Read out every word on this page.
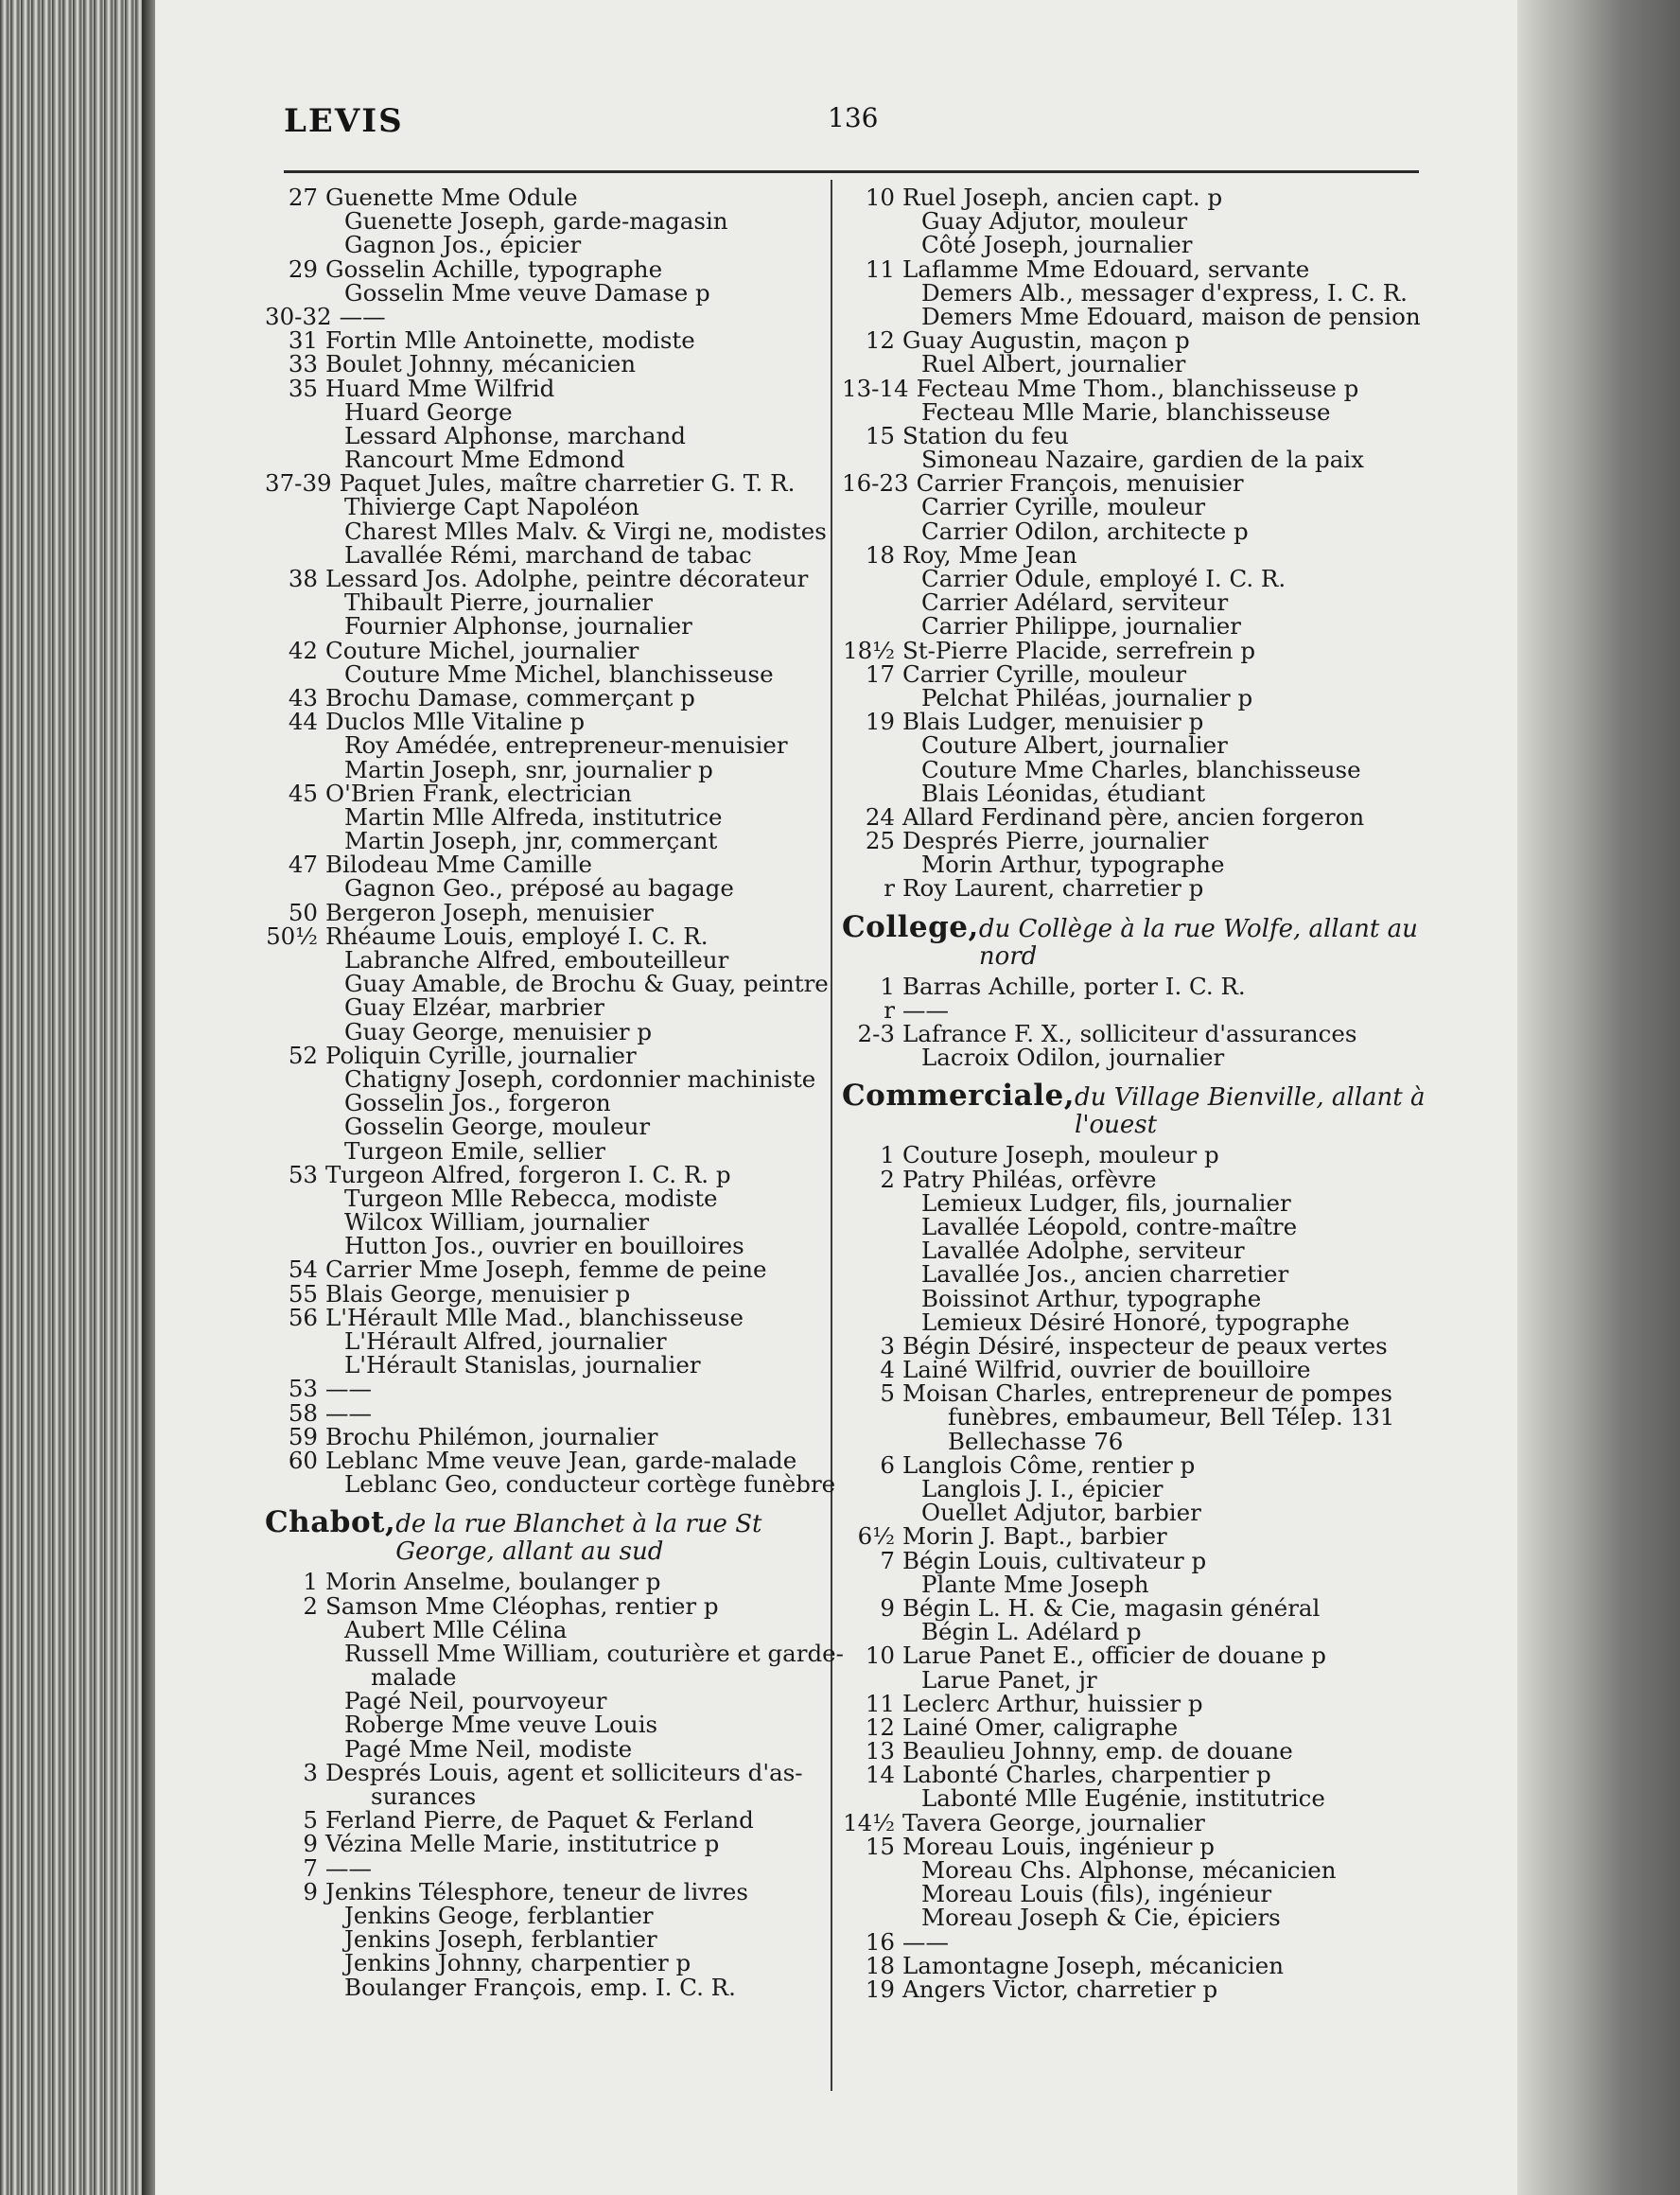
LEVIS	136
27 Guenette Mme Odule
Guenette Joseph, garde-magasin
Gagnon Jos., épicier
29 Gosselin Achille, typographe
Gosselin Mme veuve Damase p
30-32 ——
31 Fortin Mlle Antoinette, modiste
33 Boulet Johnny, mécanicien
35 Huard Mme Wilfrid
Huard George
Lessard Alphonse, marchand
Rancourt Mme Edmond
37-39 Paquet Jules, maître charretier G. T. R.
Thivierge Capt Napoléon
Charest Mlles Malv. & Virgi ne, modistes
Lavallée Rémi, marchand de tabac
38 Lessard Jos. Adolphe, peintre décorateur
Thibault Pierre, journalier
Fournier Alphonse, journalier
42 Couture Michel, journalier
Couture Mme Michel, blanchisseuse
43 Brochu Damase, commerçant p
44 Duclos Mlle Vitaline p
Roy Amédée, entrepreneur-menuisier
Martin Joseph, snr, journalier p
45 O'Brien Frank, electrician
Martin Mlle Alfreda, institutrice
Martin Joseph, jnr, commerçant
47 Bilodeau Mme Camille
Gagnon Geo., préposé au bagage
50 Bergeron Joseph, menuisier
50½ Rhéaume Louis, employé I. C. R.
Labranche Alfred, embouteilleur
Guay Amable, de Brochu & Guay, peintre
Guay Elzéar, marbrier
Guay George, menuisier p
52 Poliquin Cyrille, journalier
Chatigny Joseph, cordonnier machiniste
Gosselin Jos., forgeron
Gosselin George, mouleur
Turgeon Emile, sellier
53 Turgeon Alfred, forgeron I. C. R. p
Turgeon Mlle Rebecca, modiste
Wilcox William, journalier
Hutton Jos., ouvrier en bouilloires
54 Carrier Mme Joseph, femme de peine
55 Blais George, menuisier p
56 L'Hérault Mlle Mad., blanchisseuse
L'Hérault Alfred, journalier
L'Hérault Stanislas, journalier
53 ——
58 ——
59 Brochu Philémon, journalier
60 Leblanc Mme veuve Jean, garde-malade
Leblanc Geo, conducteur cortège funèbre
Chabot, de la rue Blanchet à la rue St George, allant au sud
1 Morin Anselme, boulanger p
2 Samson Mme Cléophas, rentier p
Aubert Mlle Célina
Russell Mme William, couturière et garde-
malade
Pagé Neil, pourvoyeur
Roberge Mme veuve Louis
Pagé Mme Neil, modiste
3 Després Louis, agent et solliciteurs d'as-
surances
5 Ferland Pierre, de Paquet & Ferland
9 Vézina Melle Marie, institutrice p
7 ——
9 Jenkins Télesphore, teneur de livres
Jenkins Geoge, ferblantier
Jenkins Joseph, ferblantier
Jenkins Johnny, charpentier p
Boulanger François, emp. I. C. R.
10 Ruel Joseph, ancien capt. p
Guay Adjutor, mouleur
Côté Joseph, journalier
11 Laflamme Mme Edouard, servante
Demers Alb., messager d'express, I. C. R.
Demers Mme Edouard, maison de pension
12 Guay Augustin, maçon p
Ruel Albert, journalier
13-14 Fecteau Mme Thom., blanchisseuse p
Fecteau Mlle Marie, blanchisseuse
15 Station du feu
Simoneau Nazaire, gardien de la paix
16-23 Carrier François, menuisier
Carrier Cyrille, mouleur
Carrier Odilon, architecte p
18 Roy, Mme Jean
Carrier Odule, employé I. C. R.
Carrier Adélard, serviteur
Carrier Philippe, journalier
18½ St-Pierre Placide, serrefrein p
17 Carrier Cyrille, mouleur
Pelchat Philéas, journalier p
19 Blais Ludger, menuisier p
Couture Albert, journalier
Couture Mme Charles, blanchisseuse
Blais Léonidas, étudiant
24 Allard Ferdinand père, ancien forgeron
25 Després Pierre, journalier
Morin Arthur, typographe
r Roy Laurent, charretier p
College, du Collège à la rue Wolfe, allant au nord
1 Barras Achille, porter I. C. R.
r ——
2-3 Lafrance F. X., solliciteur d'assurances
Lacroix Odilon, journalier
Commerciale, du Village Bienville, allant à l'ouest
1 Couture Joseph, mouleur p
2 Patry Philéas, orfèvre
Lemieux Ludger, fils, journalier
Lavallée Léopold, contre-maître
Lavallée Adolphe, serviteur
Lavallée Jos., ancien charretier
Boissinot Arthur, typographe
Lemieux Désiré Honoré, typographe
3 Bégin Désiré, inspecteur de peaux vertes
4 Lainé Wilfrid, ouvrier de bouilloire
5 Moisan Charles, entrepreneur de pompes
funèbres, embaumeur, Bell Télep. 131
Bellechasse 76
6 Langlois Côme, rentier p
Langlois J. I., épicier
Ouellet Adjutor, barbier
6½ Morin J. Bapt., barbier
7 Bégin Louis, cultivateur p
Plante Mme Joseph
9 Bégin L. H. & Cie, magasin général
Bégin L. Adélard p
10 Larue Panet E., officier de douane p
Larue Panet, jr
11 Leclerc Arthur, huissier p
12 Lainé Omer, caligraphe
13 Beaulieu Johnny, emp. de douane
14 Labonté Charles, charpentier p
Labonté Mlle Eugénie, institutrice
14½ Tavera George, journalier
15 Moreau Louis, ingénieur p
Moreau Chs. Alphonse, mécanicien
Moreau Louis (fils), ingénieur
Moreau Joseph & Cie, épiciers
16 ——
18 Lamontagne Joseph, mécanicien
19 Angers Victor, charretier p
